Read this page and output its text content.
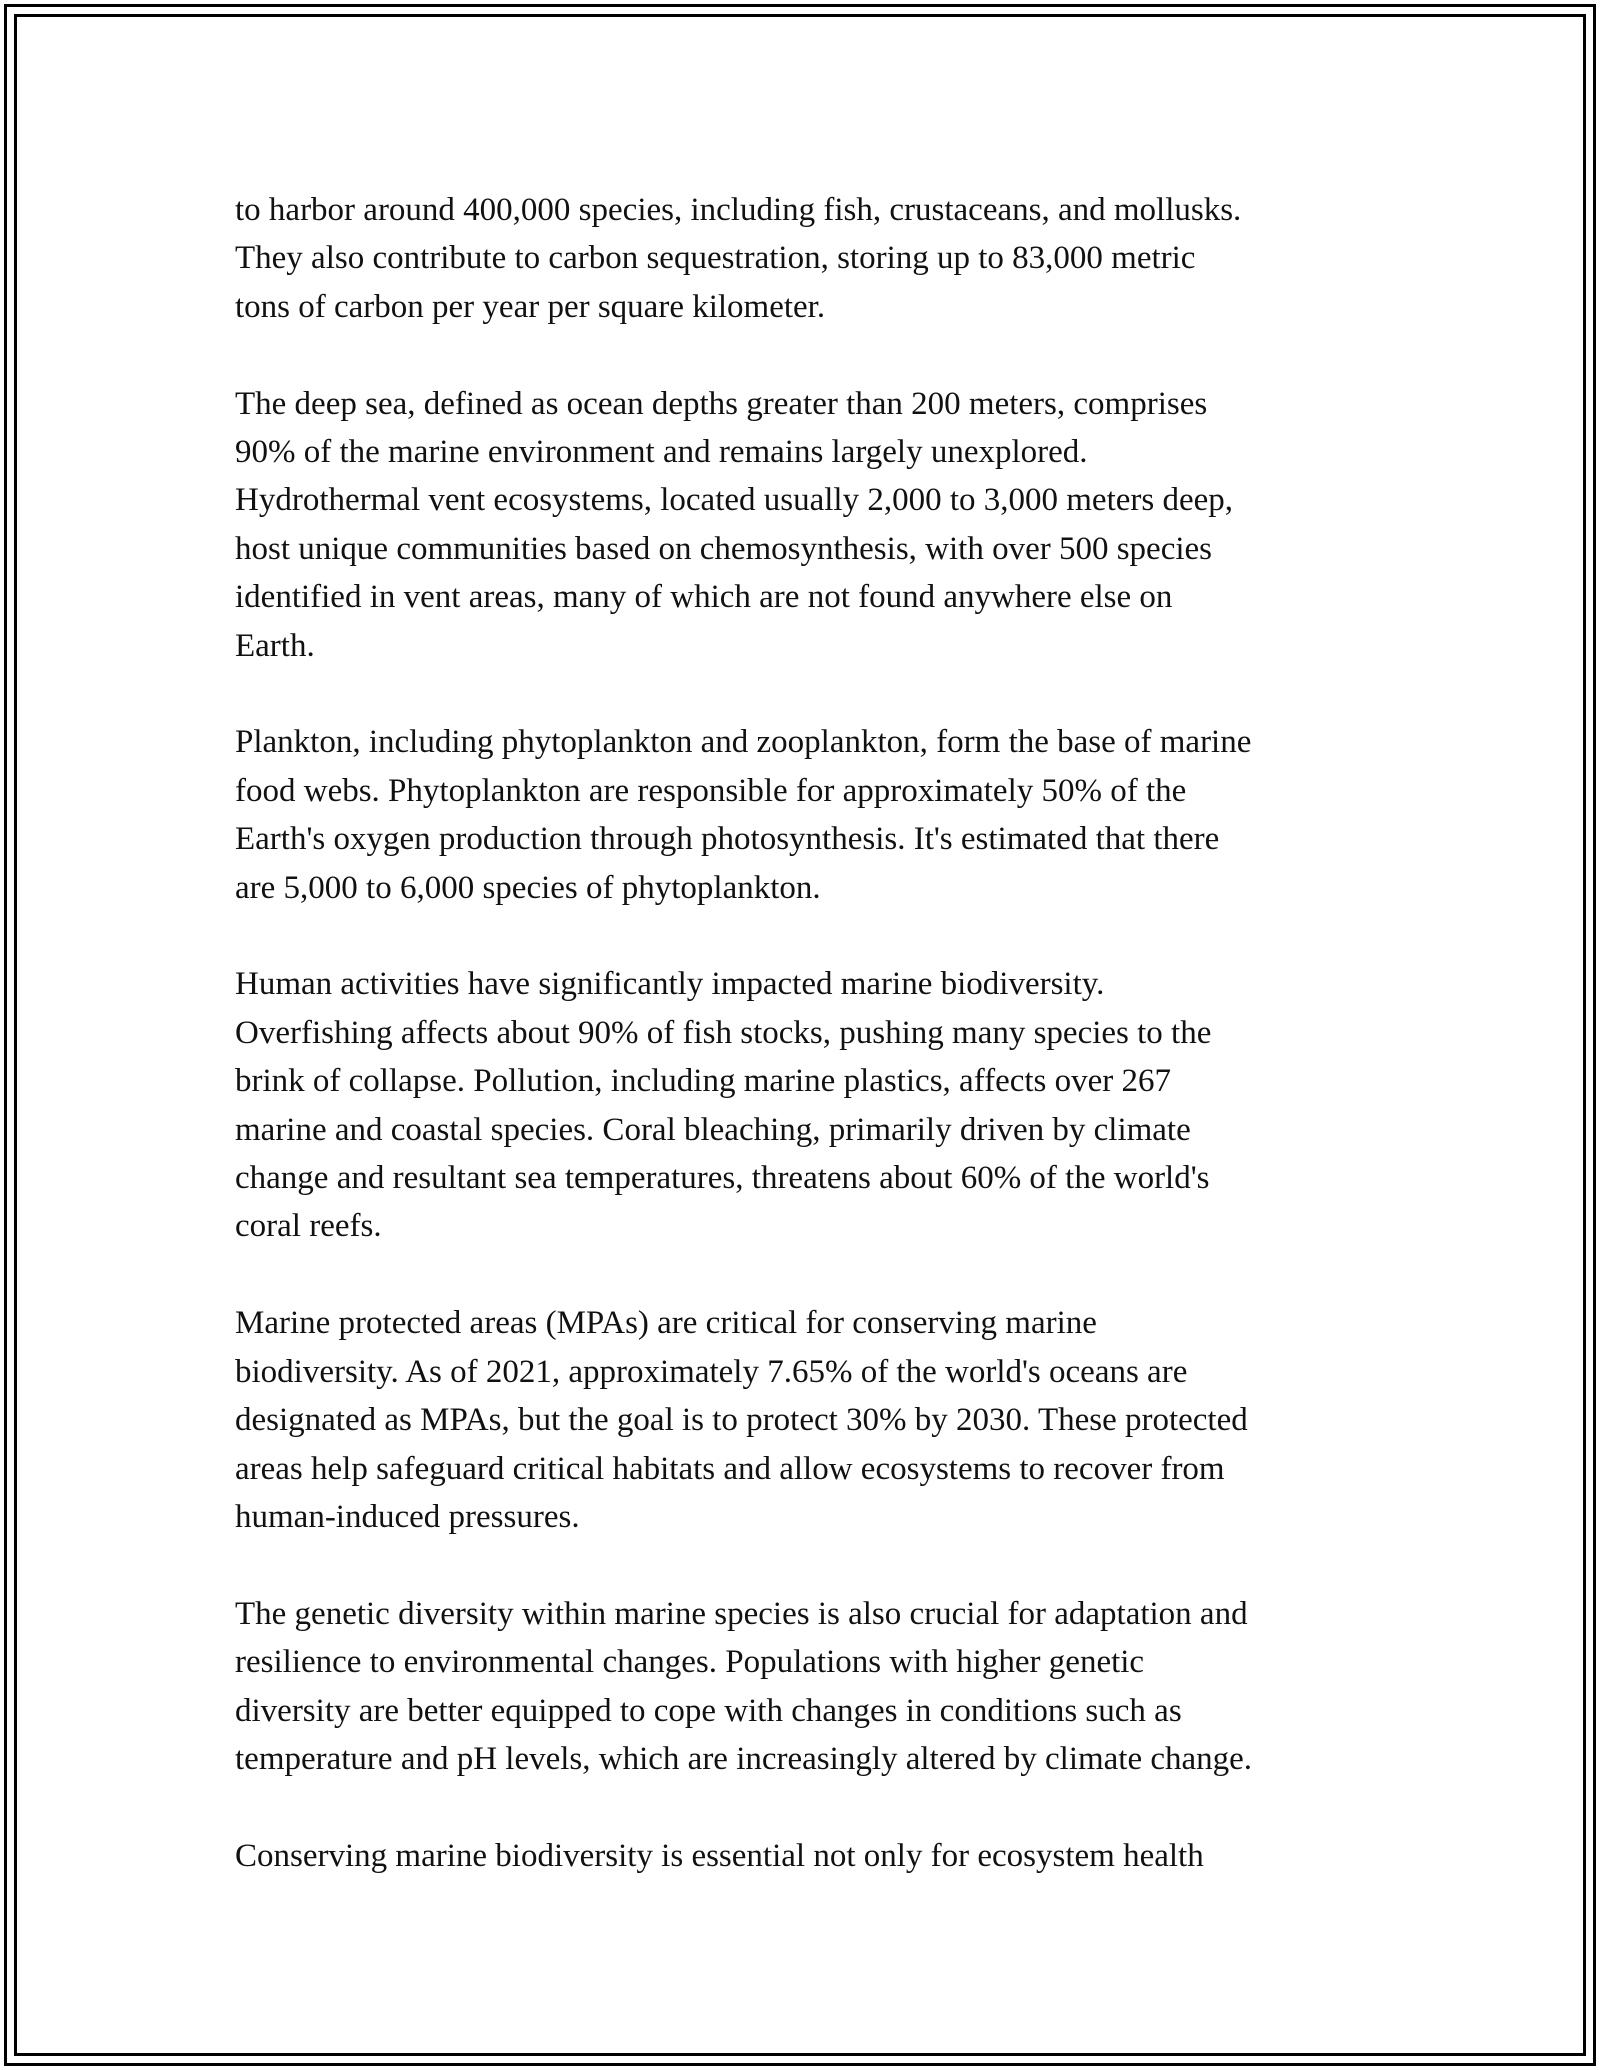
to harbor around 400,000 species, including fish, crustaceans, and mollusks.
They also contribute to carbon sequestration, storing up to 83,000 metric
tons of carbon per year per square kilometer.

The deep sea, defined as ocean depths greater than 200 meters, comprises
90% of the marine environment and remains largely unexplored.
Hydrothermal vent ecosystems, located usually 2,000 to 3,000 meters deep,
host unique communities based on chemosynthesis, with over 500 species
identified in vent areas, many of which are not found anywhere else on
Earth.

Plankton, including phytoplankton and zooplankton, form the base of marine
food webs. Phytoplankton are responsible for approximately 50% of the
Earth's oxygen production through photosynthesis. It's estimated that there
are 5,000 to 6,000 species of phytoplankton.

Human activities have significantly impacted marine biodiversity.
Overfishing affects about 90% of fish stocks, pushing many species to the
brink of collapse. Pollution, including marine plastics, affects over 267
marine and coastal species. Coral bleaching, primarily driven by climate
change and resultant sea temperatures, threatens about 60% of the world's
coral reefs.

Marine protected areas (MPAs) are critical for conserving marine
biodiversity. As of 2021, approximately 7.65% of the world's oceans are
designated as MPAs, but the goal is to protect 30% by 2030. These protected
areas help safeguard critical habitats and allow ecosystems to recover from
human-induced pressures.

The genetic diversity within marine species is also crucial for adaptation and
resilience to environmental changes. Populations with higher genetic
diversity are better equipped to cope with changes in conditions such as
temperature and pH levels, which are increasingly altered by climate change.

Conserving marine biodiversity is essential not only for ecosystem health
